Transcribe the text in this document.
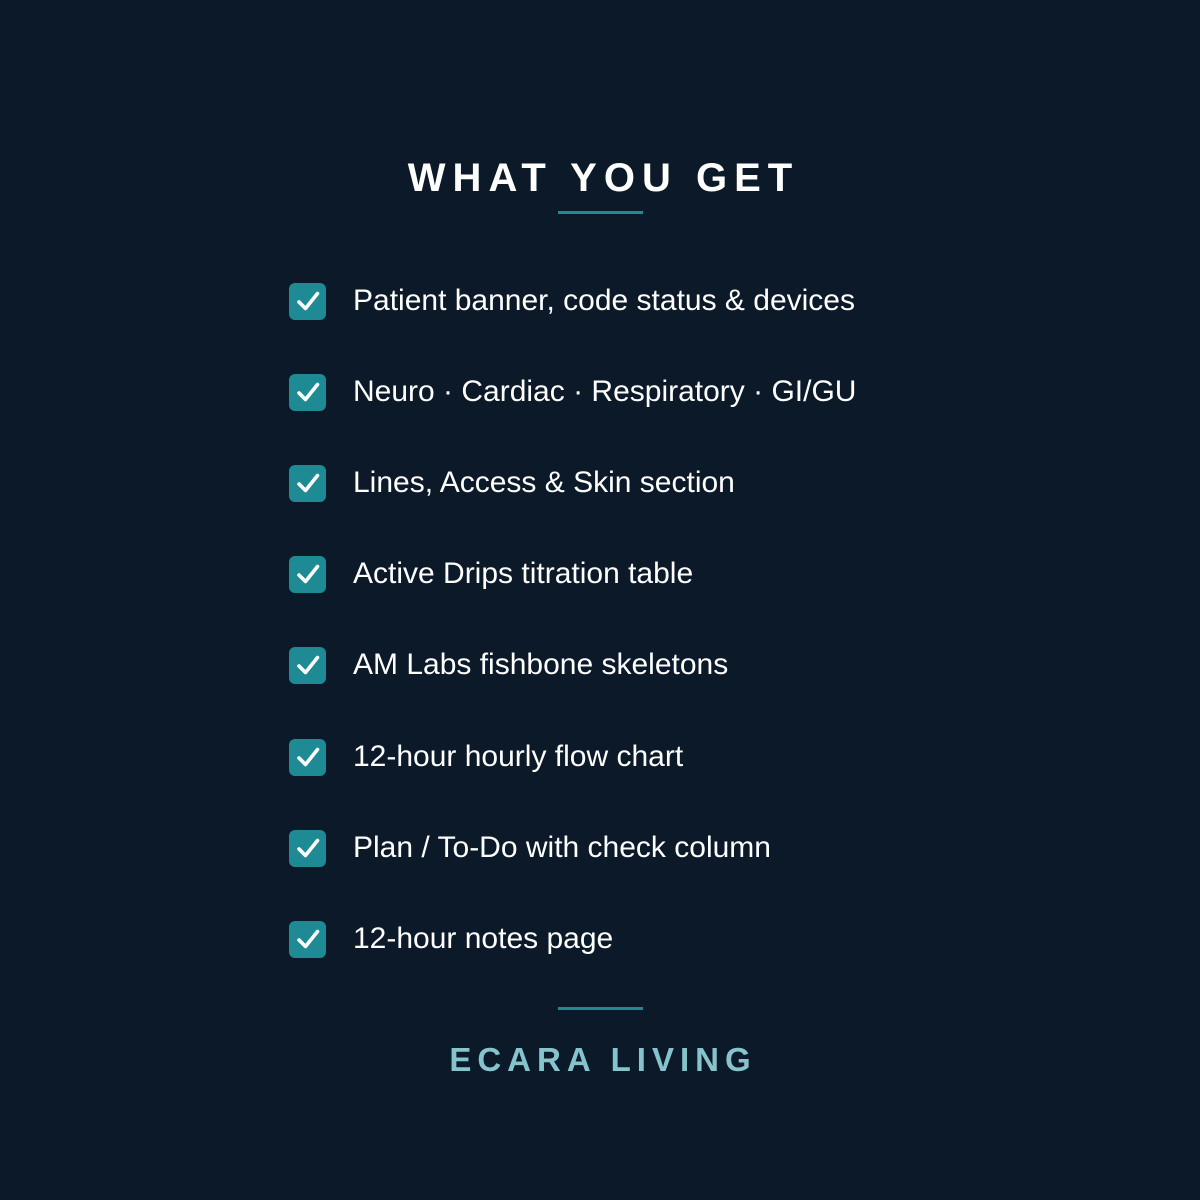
WHAT YOU GET
Patient banner, code status & devices
Neuro · Cardiac · Respiratory · GI/GU
Lines, Access & Skin section
Active Drips titration table
AM Labs fishbone skeletons
12-hour hourly flow chart
Plan / To-Do with check column
12-hour notes page
ECARA LIVING
